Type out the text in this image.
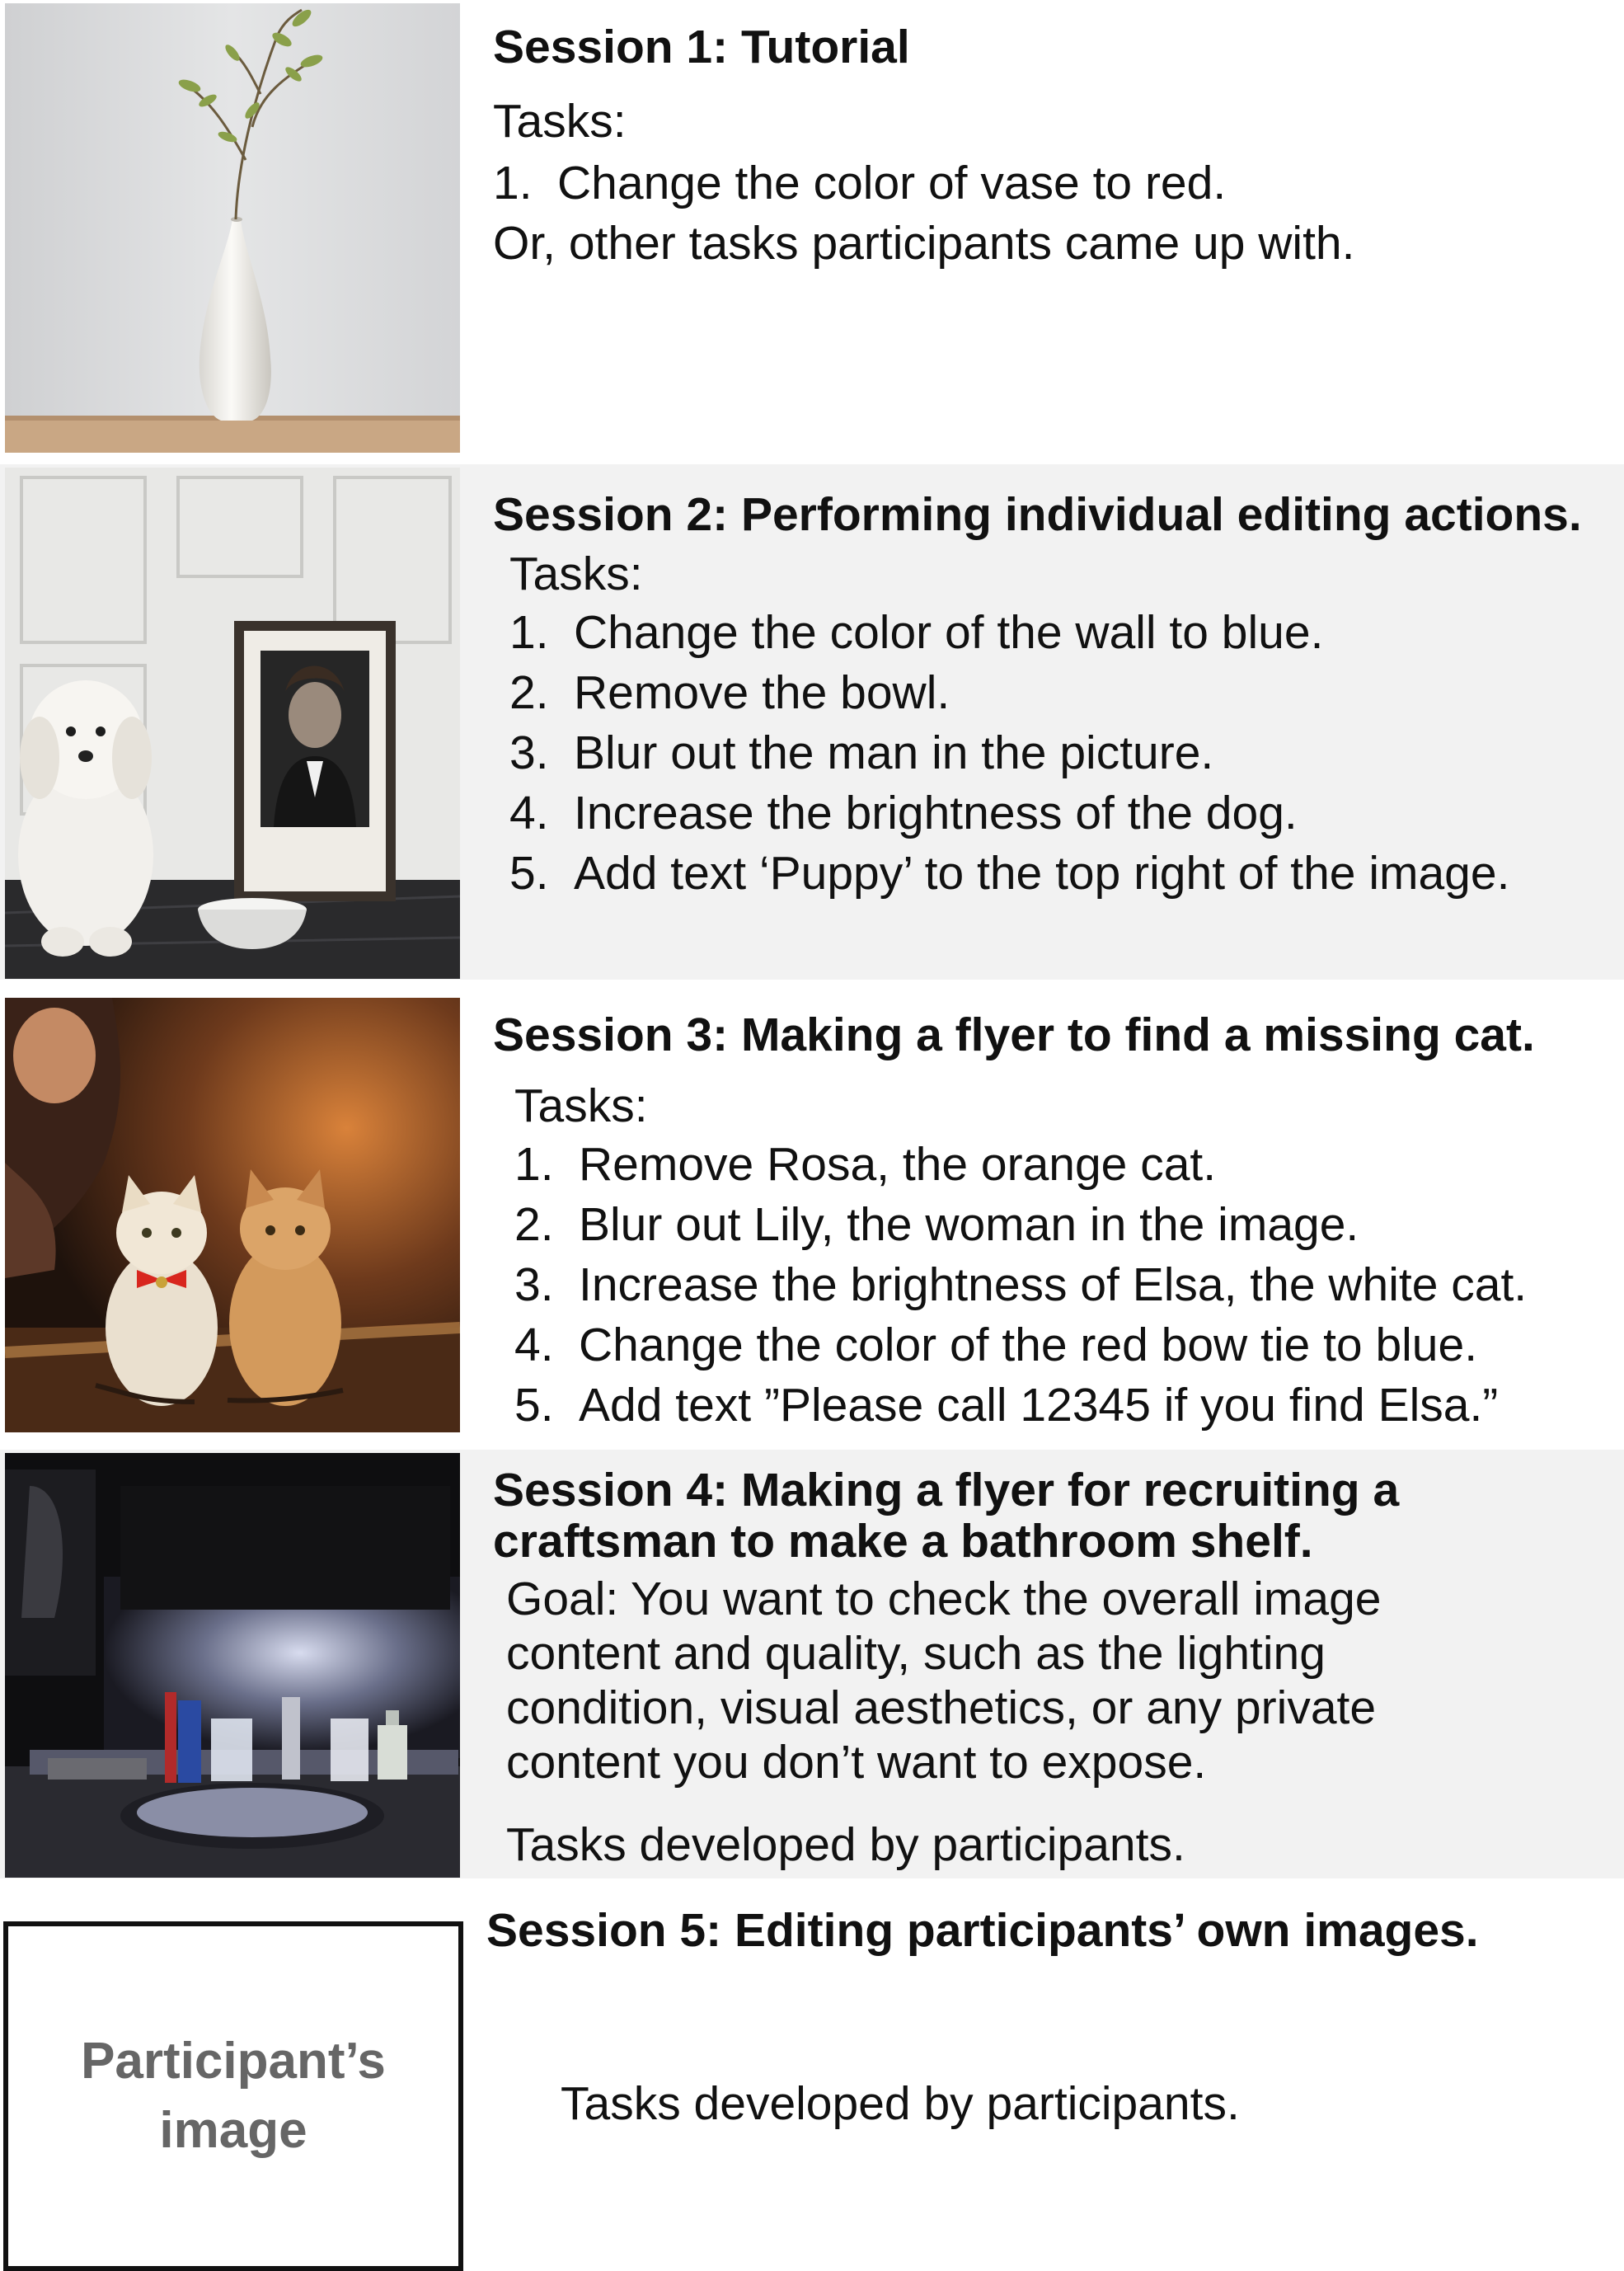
Session 1: Tutorial

Tasks:

1. Change the color of vase to red.

Or, other tasks participants came up with.

Session 2: Performing individual editing actions.

Tasks:

1. Change the color of the wall to blue.
2. Remove the bowl.
3. Blur out the man in the picture.
4. Increase the brightness of the dog.
5. Add text ‘Puppy’ to the top right of the image.
Session 3: Making a flyer to find a missing cat.

Tasks:

1. Remove Rosa, the orange cat.
2. Blur out Lily, the woman in the image.
3. Increase the brightness of Elsa, the white cat.
4. Change the color of the red bow tie to blue.
5. Add text ”Please call 12345 if you find Elsa.”
Session 4: Making a flyer for recruiting a
craftsman to make a bathroom shelf.

Goal: You want to check the overall image

content and quality, such as the lighting

condition, visual aesthetics, or any private

content you don’t want to expose.

Tasks developed by participants.

Participant’s
image
Session 5: Editing participants’ own images.

Tasks developed by participants.
